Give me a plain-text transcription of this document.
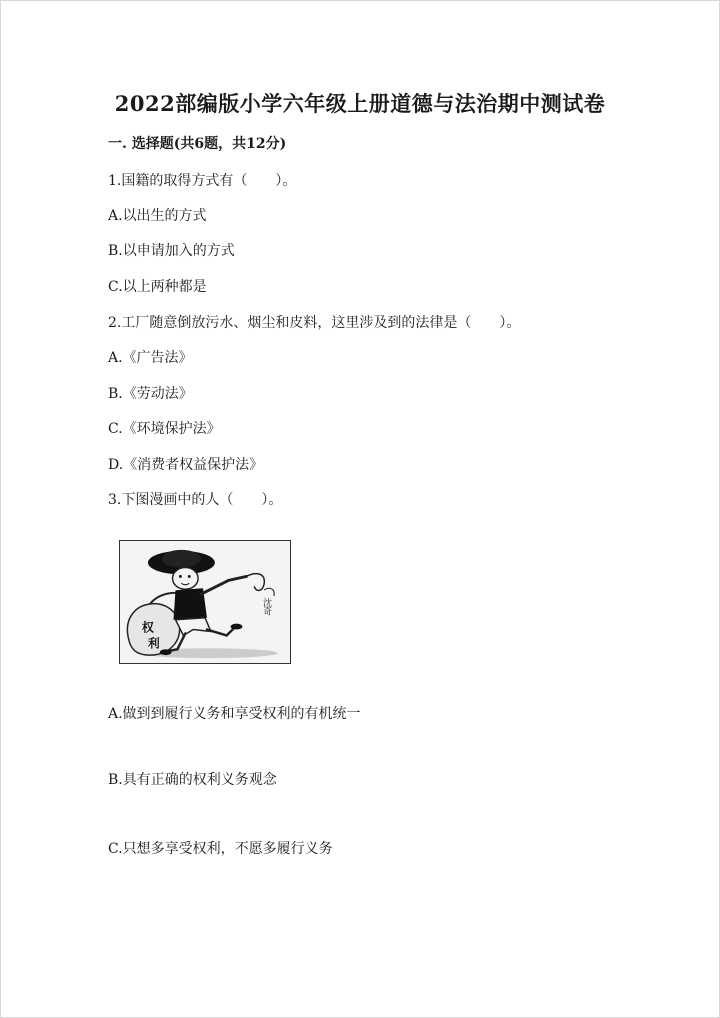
2022部编版小学六年级上册道德与法治期中测试卷
一. 选择题(共6题，共12分)
1.国籍的取得方式有（　　）。
A.以出生的方式
B.以申请加入的方式
C.以上两种都是
2.工厂随意倒放污水、烟尘和皮料，这里涉及到的法律是（　　）。
A.《广告法》
B.《劳动法》
C.《环境保护法》
D.《消费者权益保护法》
3.下图漫画中的人（　　）。
权
利
沈奇
A.做到到履行义务和享受权利的有机统一
B.具有正确的权利义务观念
C.只想多享受权利，不愿多履行义务
